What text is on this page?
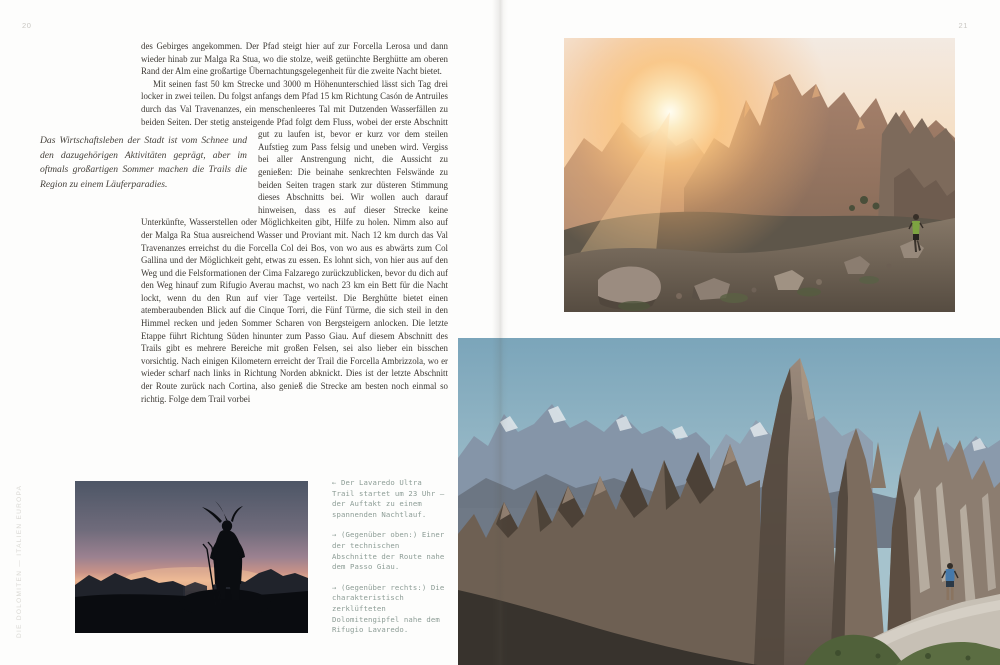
20	21
DIE DOLOMITEN — ITALIEN EUROPA

des Gebirges angekommen. Der Pfad steigt hier auf zur Forcella Lerosa und dann wieder hinab zur Malga Ra Stua, wo die stolze, weiß getünchte Berghütte am oberen Rand der Alm eine großartige Übernachtungsgelegenheit für die zweite Nacht bietet.

Mit seinen fast 50 km Strecke und 3000 m Höhenunterschied lässt sich Tag drei locker in zwei teilen. Du folgst anfangs dem Pfad 15 km Richtung Casón de Antruiles durch das Val Travenanzes, ein menschenleeres Tal mit Dutzenden Wasserfällen zu beiden Seiten. Der stetig ansteigende Pfad folgt dem Fluss, wobei der erste Abschnitt gut zu laufen ist, bevor er kurz vor
Das Wirtschaftsleben der Stadt ist vom Schnee und den dazugehörigen Aktivitäten geprägt, aber im oftmals großartigen Sommer machen die Trails die Region zu einem Läuferparadies.
dem steilen Aufstieg zum Pass felsig und uneben wird. Vergiss bei aller Anstrengung nicht, die Aussicht zu genießen: Die beinahe senkrechten Felswände zu beiden Seiten tragen stark zur düsteren Stimmung dieses Abschnitts bei. Wir wollen auch darauf hinweisen, dass es auf dieser Strecke keine Unterkünfte, Wasserstellen oder Möglichkeiten gibt, Hilfe zu holen. Nimm also auf der Malga Ra Stua ausreichend Wasser und Proviant mit. Nach 12 km durch das Val Travenanzes erreichst du die Forcella Col dei Bos, von wo aus es abwärts zum Col Gallina und der Möglichkeit geht, etwas zu essen. Es lohnt sich, von hier aus auf den Weg und die Felsformationen der Cima Falzarego zurückzublicken, bevor du dich auf den Weg hinauf zum Rifugio Averau machst, wo nach 23 km ein Bett für die Nacht lockt, wenn du den Run auf vier Tage verteilst. Die Berghütte bietet einen atemberaubenden Blick auf die Cinque Torri, die Fünf Türme, die sich steil in den Himmel recken und jeden Sommer Scharen von Bergsteigern anlocken. Die letzte Etappe führt Richtung Süden hinunter zum Passo Giau. Auf diesem Abschnitt des Trails gibt es mehrere Bereiche mit großen Felsen, sei also lieber ein bisschen vorsichtig. Nach einigen Kilometern erreicht der Trail die Forcella Ambrizzola, wo er wieder scharf nach links in Richtung Norden abknickt. Dies ist der letzte Abschnitt der Route zurück nach Cortina, also genieß die Strecke am besten noch einmal so richtig. Folge dem Trail vorbei

← Der Lavaredo Ultra Trail startet um 23 Uhr – der Auftakt zu einem spannenden Nachtlauf.

→ (Gegenüber oben:) Einer der technischen Abschnitte der Route nahe dem Passo Giau.

→ (Gegenüber rechts:) Die charakteristisch zerklüfteten Dolomitengipfel nahe dem Rifugio Lavaredo.
